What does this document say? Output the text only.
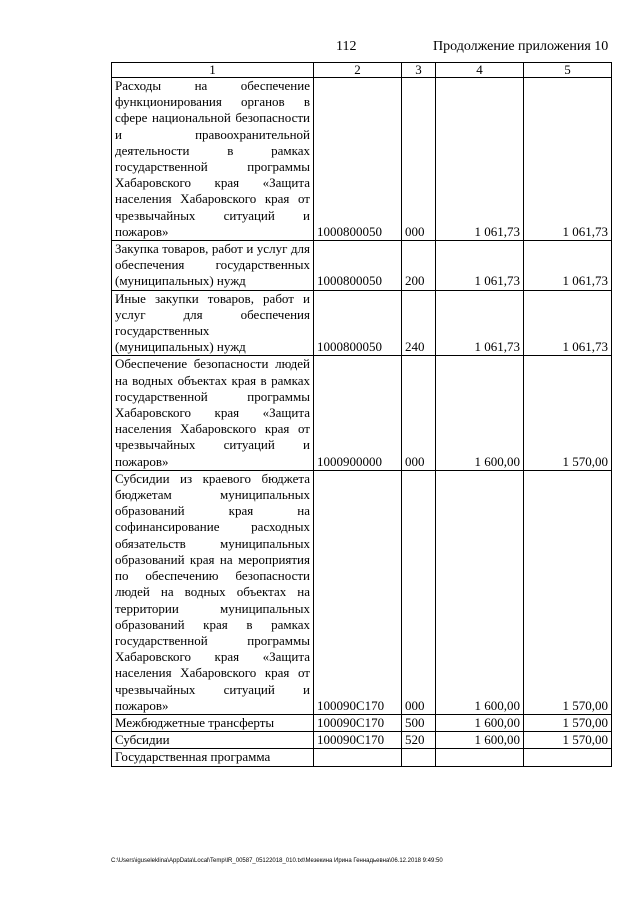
112	Продолжение приложения 10
1	2	3	4	5
Расходы на обеспечение функционирования органов в сфере национальной безопасности и правоохранительной деятельности в рамках государственной программы Хабаровского края «Защита населения Хабаровского края от чрезвычайных ситуаций и пожаров»	1000800050	000	1 061,73	1 061,73
Закупка товаров, работ и услуг для обеспечения государственных (муниципальных) нужд	1000800050	200	1 061,73	1 061,73
Иные закупки товаров, работ и услуг для обеспечения государственных (муниципальных) нужд	1000800050	240	1 061,73	1 061,73
Обеспечение безопасности людей на водных объектах края в рамках государственной программы Хабаровского края «Защита населения Хабаровского края от чрезвычайных ситуаций и пожаров»	1000900000	000	1 600,00	1 570,00
Субсидии из краевого бюджета бюджетам муниципальных образований края на софинансирование расходных обязательств муниципальных образований края на мероприятия по обеспечению безопасности людей на водных объектах на территории муниципальных образований края в рамках государственной программы Хабаровского края «Защита населения Хабаровского края от чрезвычайных ситуаций и пожаров»	100090С170	000	1 600,00	1 570,00
Межбюджетные трансферты	100090С170	500	1 600,00	1 570,00
Субсидии	100090С170	520	1 600,00	1 570,00
Государственная программа				
C:\Users\iguseleklina\AppData\Local\Temp\IR_00587_05122018_010.txt\Мезекина Ирина Геннадьевна\06.12.2018 9:49:50
